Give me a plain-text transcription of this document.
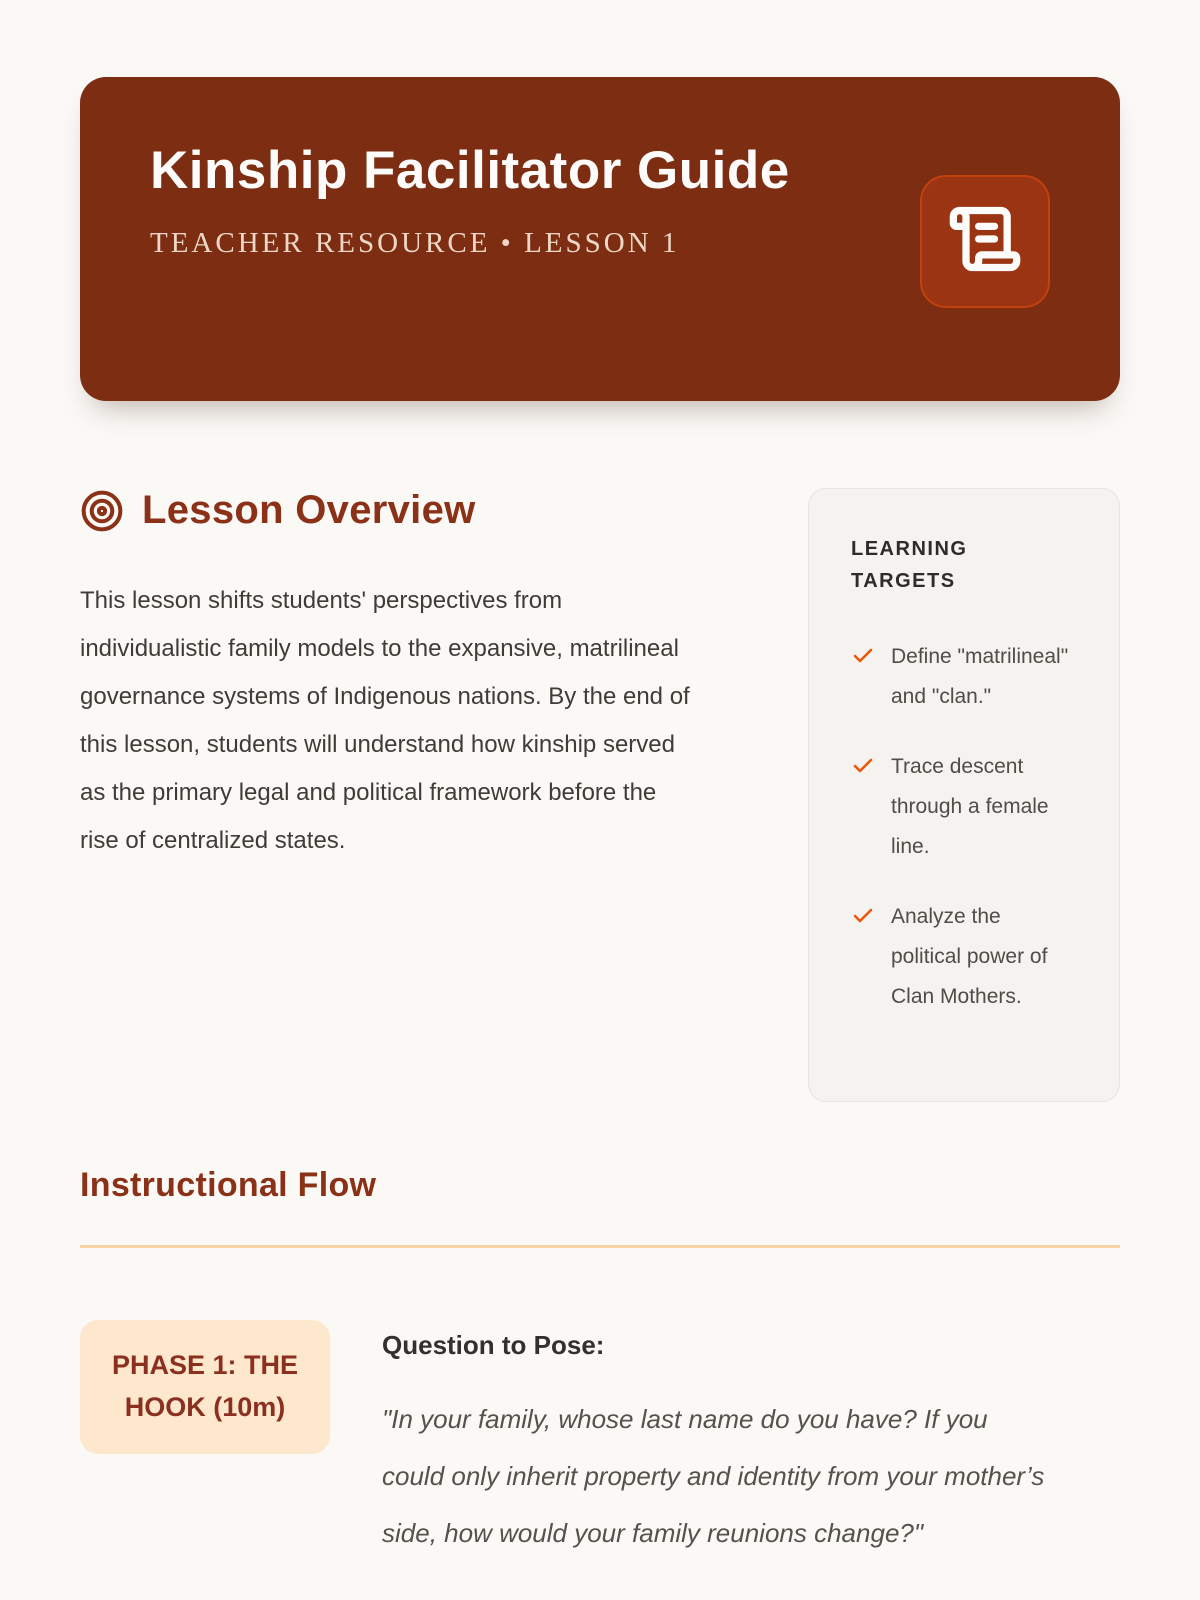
Kinship Facilitator Guide
TEACHER RESOURCE • LESSON 1
Lesson Overview

This lesson shifts students' perspectives from individualistic family models to the expansive, matrilineal governance systems of Indigenous nations. By the end of this lesson, students will understand how kinship served as the primary legal and political framework before the rise of centralized states.

LEARNING TARGETS
Define "matrilineal" and "clan."
Trace descent through a female line.
Analyze the political power of Clan Mothers.
Instructional Flow
PHASE 1: THE HOOK (10m)
Question to Pose:

"In your family, whose last name do you have? If you could only inherit property and identity from your mother’s side, how would your family reunions change?"
